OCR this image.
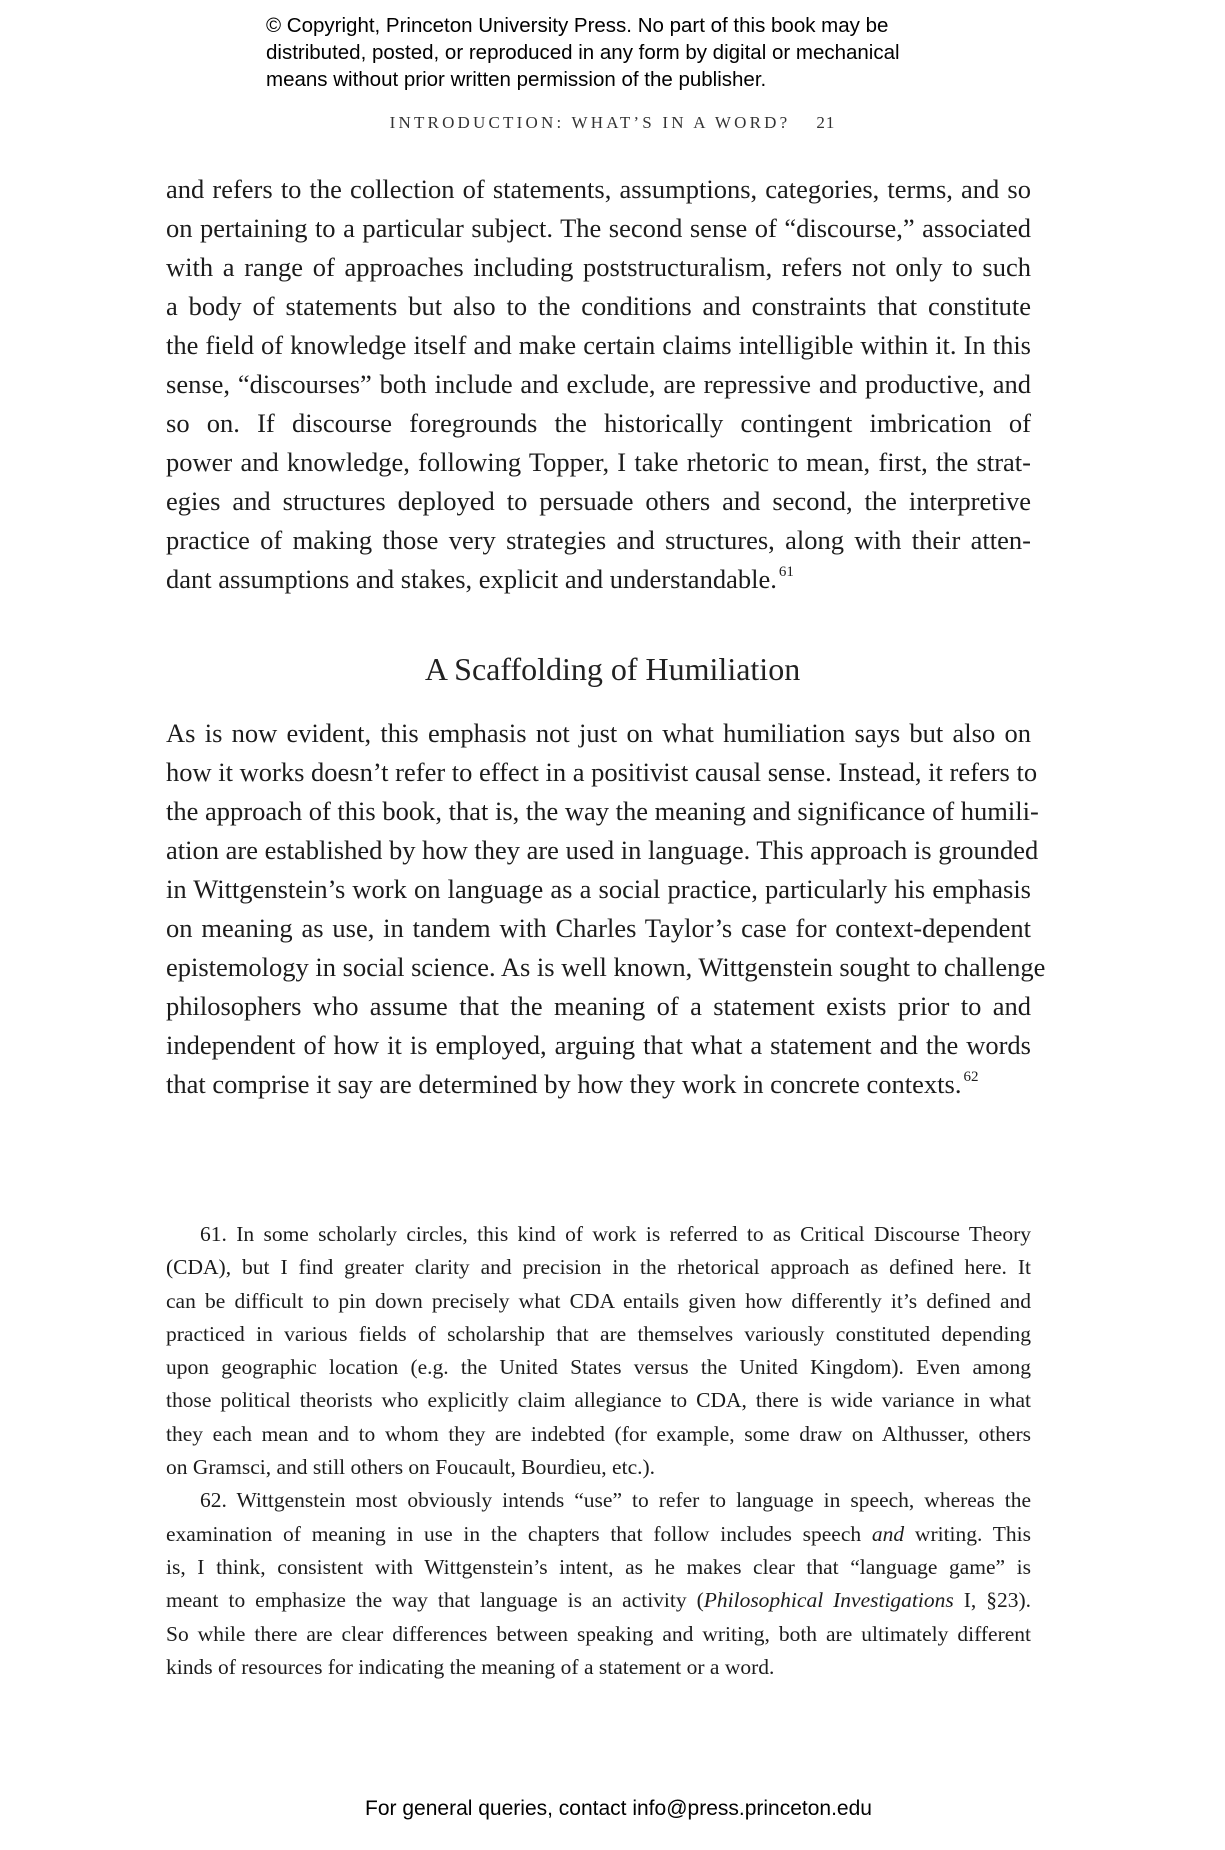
© Copyright, Princeton University Press. No part of this book may be
distributed, posted, or reproduced in any form by digital or mechanical
means without prior written permission of the publisher.
INTRODUCTION: WHAT’S IN A WORD? 21
and refers to the collection of statements, assumptions, categories, terms, and so
on pertaining to a particular subject. The second sense of “discourse,” associated
with a range of approaches including poststructuralism, refers not only to such
a body of statements but also to the conditions and constraints that constitute
the field of knowledge itself and make certain claims intelligible within it. In this
sense, “discourses” both include and exclude, are repressive and productive, and
so on. If discourse foregrounds the historically contingent imbrication of
power and knowledge, following Topper, I take rhetoric to mean, first, the strat-
egies and structures deployed to persuade others and second, the interpretive
practice of making those very strategies and structures, along with their atten-
dant assumptions and stakes, explicit and understandable. $^{61}$
A Scaffolding of Humiliation
As is now evident, this emphasis not just on what humiliation says but also on
how it works doesn’t refer to effect in a positivist causal sense. Instead, it refers to
the approach of this book, that is, the way the meaning and significance of humili-
ation are established by how they are used in language. This approach is grounded
in Wittgenstein’s work on language as a social practice, particularly his emphasis
on meaning as use, in tandem with Charles Taylor’s case for context-dependent
epistemology in social science. As is well known, Wittgenstein sought to challenge
philosophers who assume that the meaning of a statement exists prior to and
independent of how it is employed, arguing that what a statement and the words
that comprise it say are determined by how they work in concrete contexts. $^{62}$
61. In some scholarly circles, this kind of work is referred to as Critical Discourse Theory
(CDA), but I find greater clarity and precision in the rhetorical approach as defined here. It
can be difficult to pin down precisely what CDA entails given how differently it’s defined and
practiced in various fields of scholarship that are themselves variously constituted depending
upon geographic location (e.g. the United States versus the United Kingdom). Even among
those political theorists who explicitly claim allegiance to CDA, there is wide variance in what
they each mean and to whom they are indebted (for example, some draw on Althusser, others
on Gramsci, and still others on Foucault, Bourdieu, etc.).
62. Wittgenstein most obviously intends “use” to refer to language in speech, whereas the
examination of meaning in use in the chapters that follow includes speech and writing. This
is, I think, consistent with Wittgenstein’s intent, as he makes clear that “language game” is
meant to emphasize the way that language is an activity (Philosophical Investigations I, §23).
So while there are clear differences between speaking and writing, both are ultimately different
kinds of resources for indicating the meaning of a statement or a word.
For general queries, contact info@press.princeton.edu
